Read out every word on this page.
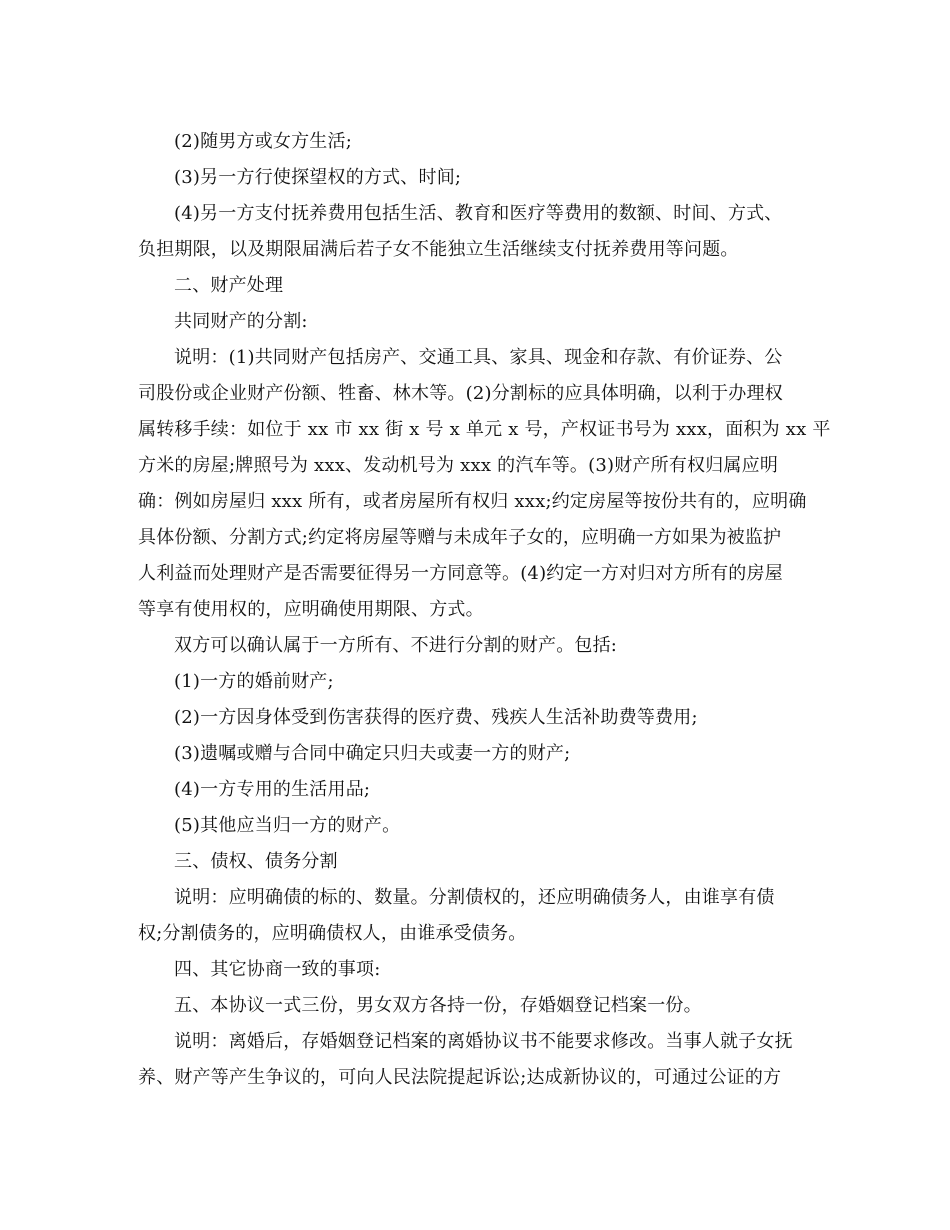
(2)随男方或女方生活;
(3)另一方行使探望权的方式、时间;
(4)另一方支付抚养费用包括生活、教育和医疗等费用的数额、时间、方式、
负担期限，以及期限届满后若子女不能独立生活继续支付抚养费用等问题。
二、财产处理
共同财产的分割:
说明：(1)共同财产包括房产、交通工具、家具、现金和存款、有价证券、公
司股份或企业财产份额、牲畜、林木等。(2)分割标的应具体明确，以利于办理权
属转移手续：如位于 xx 市 xx 街 x 号 x 单元 x 号，产权证书号为 xxx，面积为 xx 平
方米的房屋;牌照号为 xxx、发动机号为 xxx 的汽车等。(3)财产所有权归属应明
确：例如房屋归 xxx 所有，或者房屋所有权归 xxx;约定房屋等按份共有的，应明确
具体份额、分割方式;约定将房屋等赠与未成年子女的，应明确一方如果为被监护
人利益而处理财产是否需要征得另一方同意等。(4)约定一方对归对方所有的房屋
等享有使用权的，应明确使用期限、方式。
双方可以确认属于一方所有、不进行分割的财产。包括:
(1)一方的婚前财产;
(2)一方因身体受到伤害获得的医疗费、残疾人生活补助费等费用;
(3)遗嘱或赠与合同中确定只归夫或妻一方的财产;
(4)一方专用的生活用品;
(5)其他应当归一方的财产。
三、债权、债务分割
说明：应明确债的标的、数量。分割债权的，还应明确债务人，由谁享有债
权;分割债务的，应明确债权人，由谁承受债务。
四、其它协商一致的事项:
五、本协议一式三份，男女双方各持一份，存婚姻登记档案一份。
说明：离婚后，存婚姻登记档案的离婚协议书不能要求修改。当事人就子女抚
养、财产等产生争议的，可向人民法院提起诉讼;达成新协议的，可通过公证的方
